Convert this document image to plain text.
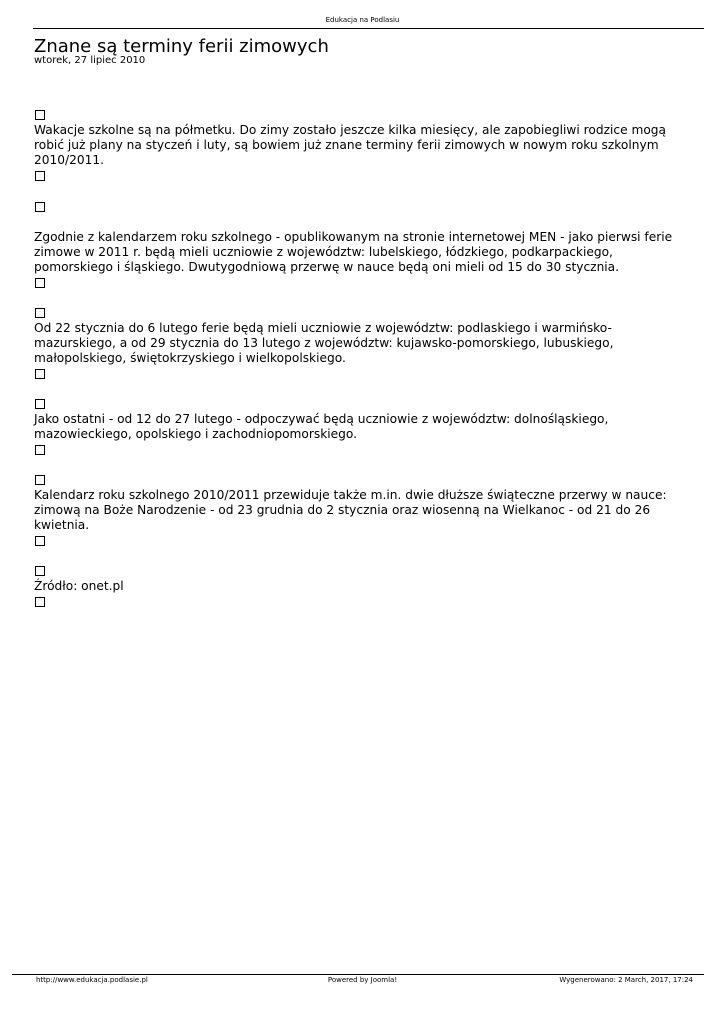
Edukacja na Podlasiu
Znane są terminy ferii zimowych
wtorek, 27 lipiec 2010

Wakacje szkolne są na półmetku. Do zimy zostało jeszcze kilka miesięcy, ale zapobiegliwi rodzice mogą robić już plany na styczeń i luty, są bowiem już znane terminy ferii zimowych w nowym roku szkolnym 2010/2011.

Zgodnie z kalendarzem roku szkolnego - opublikowanym na stronie internetowej MEN - jako pierwsi ferie zimowe w 2011 r. będą mieli uczniowie z województw: lubelskiego, łódzkiego, podkarpackiego, pomorskiego i śląskiego. Dwutygodniową przerwę w nauce będą oni mieli od 15 do 30 stycznia.

Od 22 stycznia do 6 lutego ferie będą mieli uczniowie z województw: podlaskiego i warmińsko-mazurskiego, a od 29 stycznia do 13 lutego z województw: kujawsko-pomorskiego, lubuskiego, małopolskiego, świętokrzyskiego i wielkopolskiego.

Jako ostatni - od 12 do 27 lutego - odpoczywać będą uczniowie z województw: dolnośląskiego, mazowieckiego, opolskiego i zachodniopomorskiego.

Kalendarz roku szkolnego 2010/2011 przewiduje także m.in. dwie dłuższe świąteczne przerwy w nauce: zimową na Boże Narodzenie - od 23 grudnia do 2 stycznia oraz wiosenną na Wielkanoc - od 21 do 26 kwietnia.

Źródło: onet.pl

http://www.edukacja.podlasie.pl	Powered by Joomla!	Wygenerowano: 2 March, 2017, 17:24
